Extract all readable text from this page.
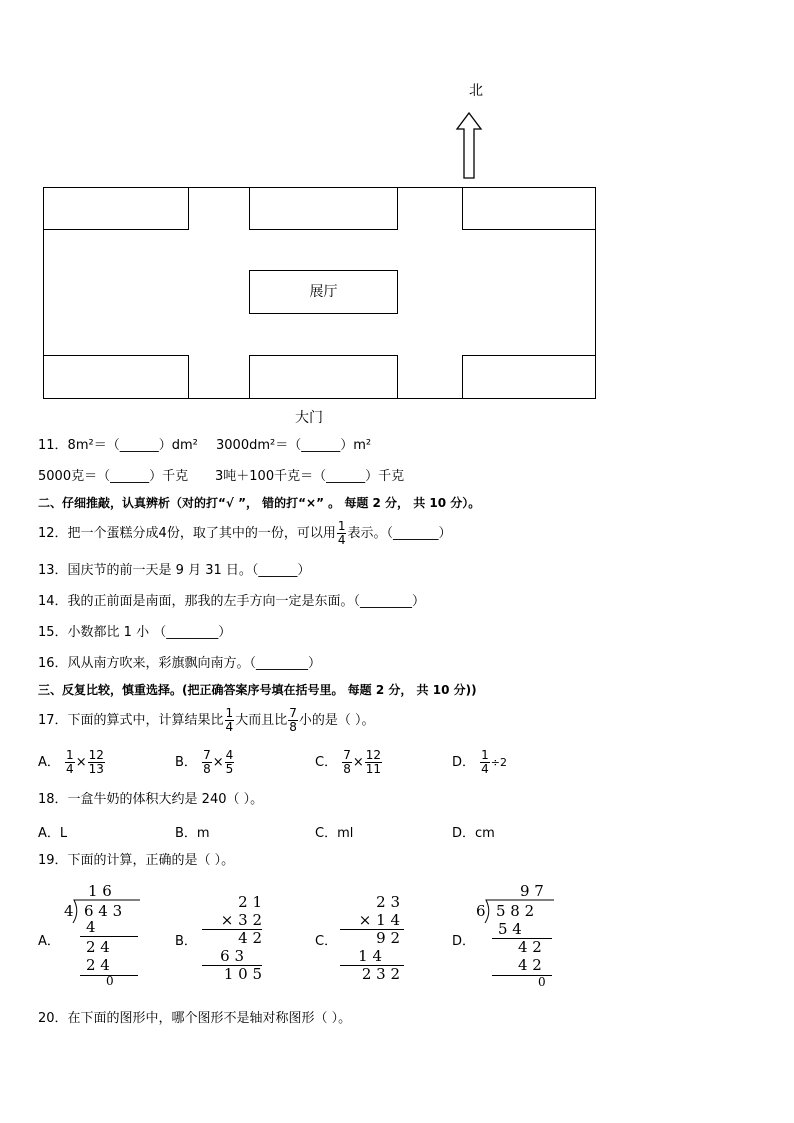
北
展厅
大门
11．8m²＝（______）dm² 3000dm²＝（______）m²
5000克＝（______）千克 3吨＋100千克＝（______）千克
二、仔细推敲，认真辨析（对的打“√ ”， 错的打“×” 。 每题 2 分， 共 10 分）。
12．把一个蛋糕分成4份，取了其中的一份，可以用 $\frac{1}{4}$ 表示。（_______）
13．国庆节的前一天是 9 月 31 日。（______）
14．我的正前面是南面，那我的左手方向一定是东面。（________）
15．小数都比 1 小 （________）
16．风从南方吹来，彩旗飘向南方。（________）
三、反复比较，慎重选择。(把正确答案序号填在括号里。 每题 2 分， 共 10 分))
17．下面的算式中，计算结果比 $\frac{1}{4}$ 大而且比 $\frac{7}{8}$ 小的是（ ）。
A． $\frac{1}{4} \times \frac{12}{13}$	B． $\frac{7}{8} \times \frac{4}{5}$	C． $\frac{7}{8} \times \frac{12}{11}$	D． $\frac{1}{4} \div 2$
18．一盒牛奶的体积大约是 240（ ）。
A．L	B．m	C．ml	D．cm
19．下面的计算，正确的是（ ）。
A．
1 6
4 6 4 3
4
2 4
2 4
0
B．
2 1
× 3 2
4 2
6 3
1 0 5
C．
2 3
× 1 4
9 2
1 4
2 3 2
D．
9 7
6 5 8 2
5 4
4 2
4 2
0
20．在下面的图形中，哪个图形不是轴对称图形（ ）。
